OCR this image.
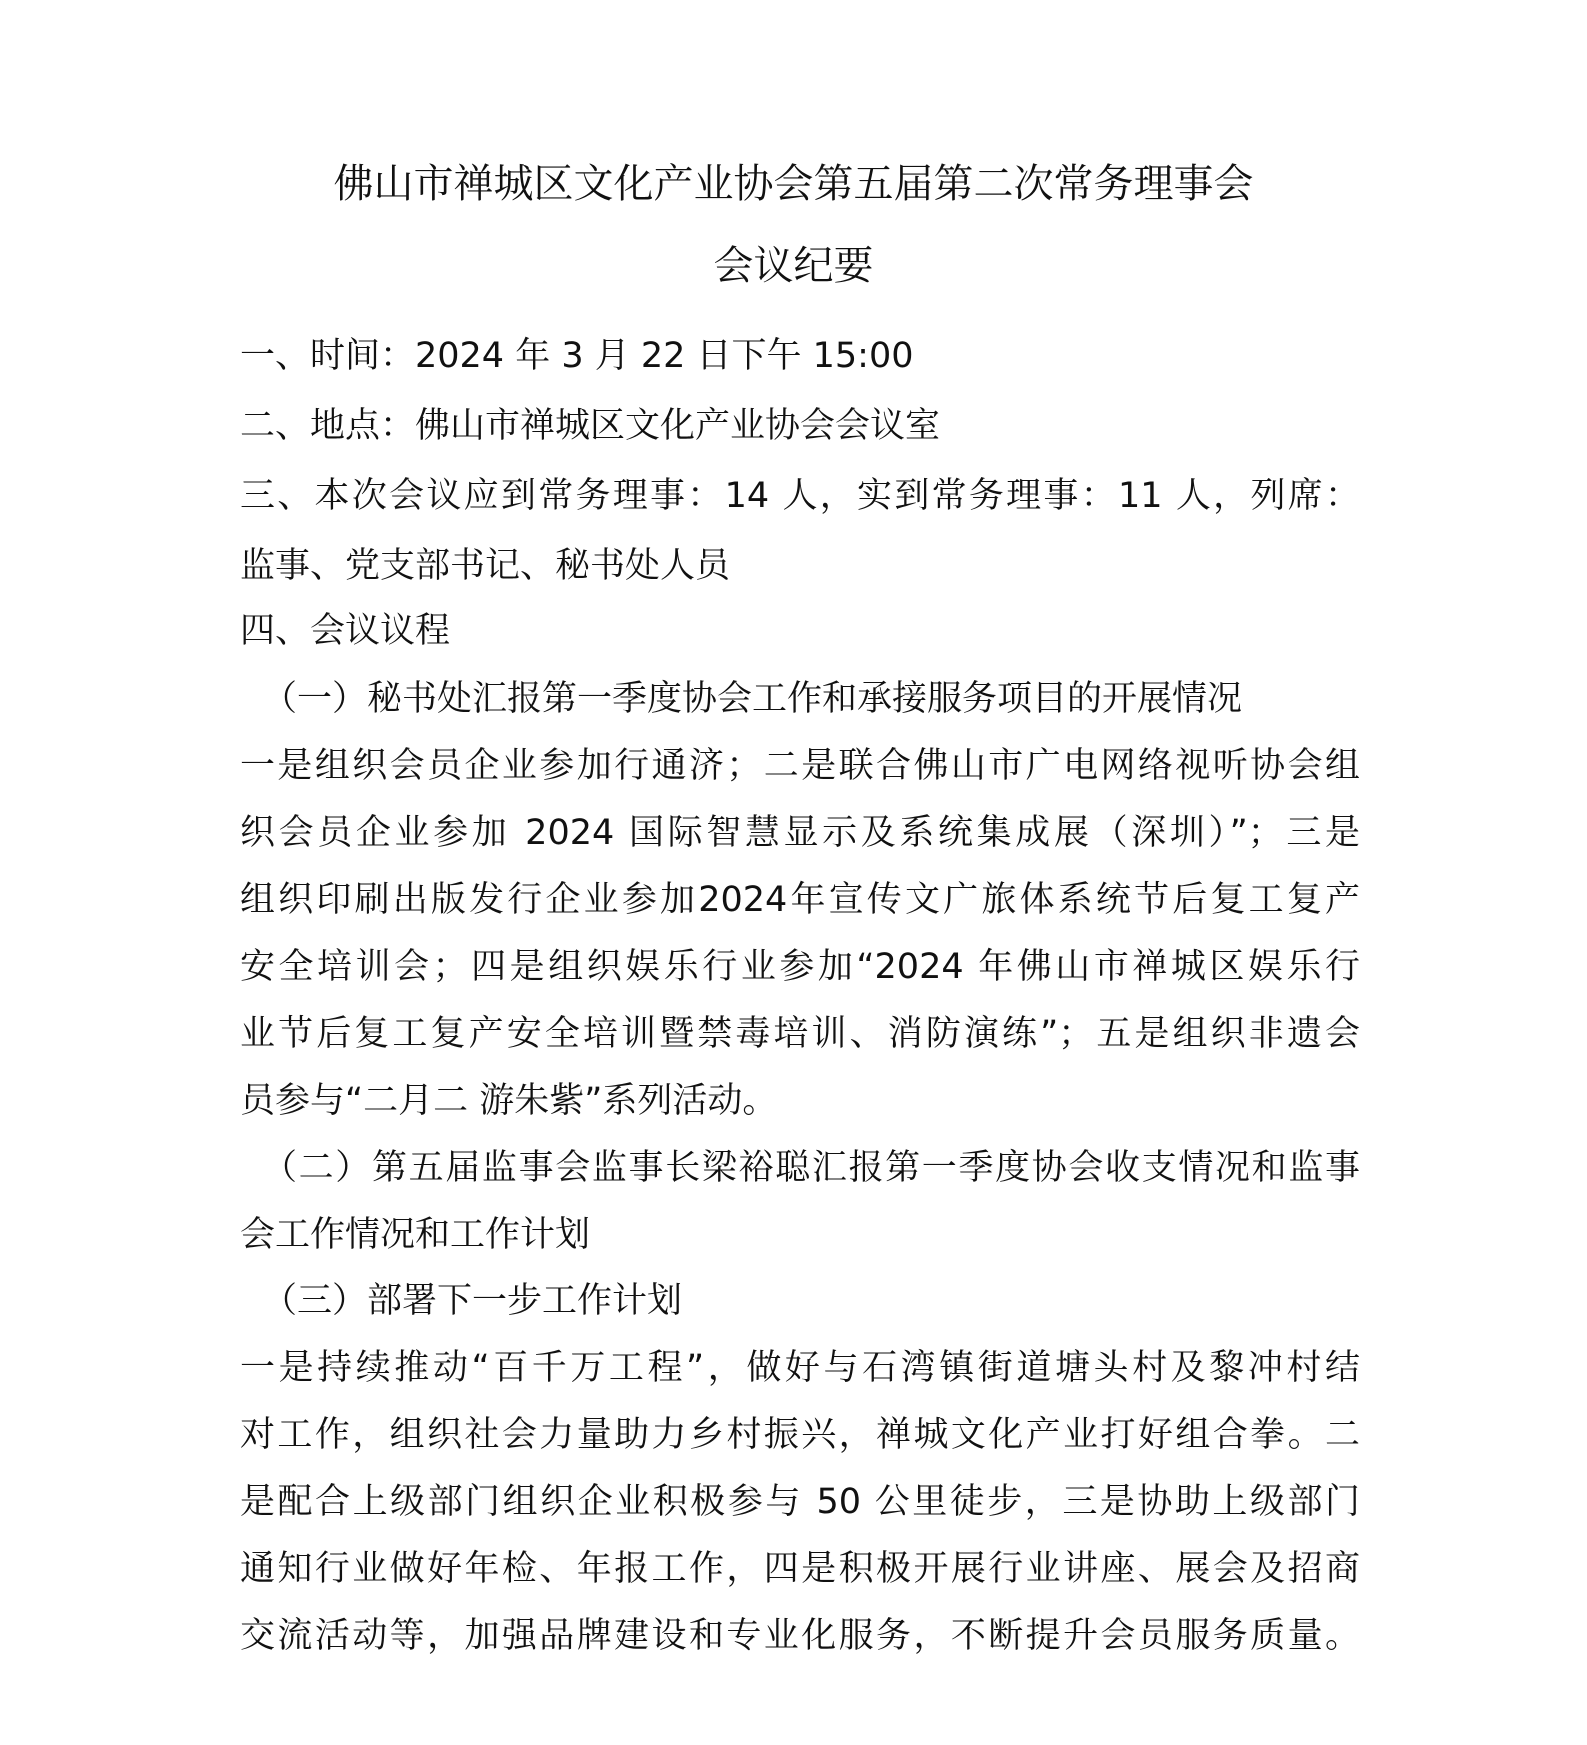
佛山市禅城区文化产业协会第五届第二次常务理事会
会议纪要
一、时间：2024 年 3 月 22 日下午 15:00
二、地点：佛山市禅城区文化产业协会会议室
三、本次会议应到常务理事：14 人，实到常务理事：11 人，列席：
监事、党支部书记、秘书处人员
四、会议议程
（一）秘书处汇报第一季度协会工作和承接服务项目的开展情况
一是组织会员企业参加行通济；二是联合佛山市广电网络视听协会组
织会员企业参加 2024 国际智慧显示及系统集成展（深圳）”；三是
组织印刷出版发行企业参加2024年宣传文广旅体系统节后复工复产
安全培训会；四是组织娱乐行业参加“2024 年佛山市禅城区娱乐行
业节后复工复产安全培训暨禁毒培训、消防演练”；五是组织非遗会
员参与“二月二 游朱紫”系列活动。
（二）第五届监事会监事长梁裕聪汇报第一季度协会收支情况和监事
会工作情况和工作计划
（三）部署下一步工作计划
一是持续推动“百千万工程”，做好与石湾镇街道塘头村及黎冲村结
对工作，组织社会力量助力乡村振兴，禅城文化产业打好组合拳。二
是配合上级部门组织企业积极参与 50 公里徒步，三是协助上级部门
通知行业做好年检、年报工作，四是积极开展行业讲座、展会及招商
交流活动等，加强品牌建设和专业化服务，不断提升会员服务质量。
